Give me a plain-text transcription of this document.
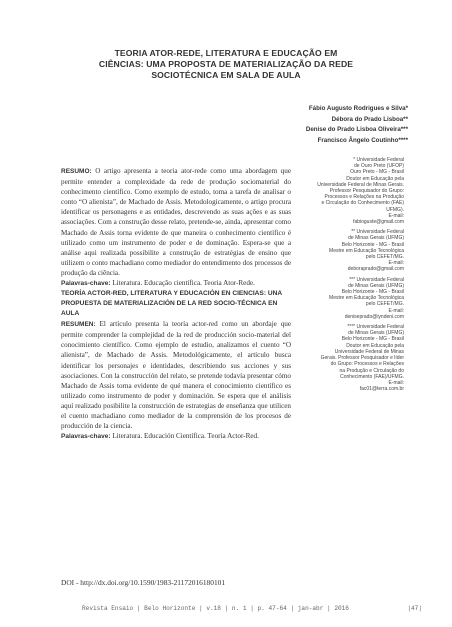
TEORIA ATOR-REDE, LITERATURA E EDUCAÇÃO EM
CIÊNCIAS: UMA PROPOSTA DE MATERIALIZAÇÃO DA REDE
SOCIOTÉCNICA EM SALA DE AULA
Fábio Augusto Rodrigues e Silva*
Débora do Prado Lisboa**
Denise do Prado Lisboa Oliveira***
Francisco Ângelo Coutinho****

RESUMO: O artigo apresenta a teoria ator-rede como uma abordagem que permite entender a complexidade da rede de produção sociomaterial do conhecimento científico. Como exemplo de estudo, toma a tarefa de analisar o conto “O alienista”, de Machado de Assis. Metodologicamente, o artigo procura identificar os personagens e as entidades, descrevendo as suas ações e as suas associações. Com a construção desse relato, pretende-se, ainda, apresentar como Machado de Assis torna evidente de que maneira o conhecimento científico é utilizado como um instrumento de poder e de dominação. Espera-se que a análise aqui realizada possibilite a construção de estratégias de ensino que utilizem o conto machadiano como mediador do entendimento dos processos de produção da ciência.

Palavras-chave: Literatura. Educação científica. Teoria Ator-Rede.

TEORÍA ACTOR-RED, LITERATURA Y EDUCACIÓN EN CIENCIAS: UNA PROPUESTA DE MATERIALIZACIÓN DE LA RED SOCIO-TÉCNICA EN AULA

RESUMEN: El artículo presenta la teoría actor-red como un abordaje que permite comprender la complejidad de la red de producción socio-material del conocimiento científico. Como ejemplo de estudio, analizamos el cuento “O alienista”, de Machado de Assis. Metodológicamente, el artículo busca identificar los personajes e identidades, describiendo sus acciones y sus asociaciones. Con la construcción del relato, se pretende todavía presentar cómo Machado de Assis torna evidente de qué manera el conocimiento científico es utilizado como instrumento de poder y dominación. Se espera que el análisis aquí realizado posibilite la construcción de estrategias de enseñanza que utilicen el cuento machadiano como mediador de la comprensión de los procesos de producción de la ciencia.

Palavras-chave: Literatura. Educación Científica. Teoría Actor-Red.

* Universidade Federal
de Ouro Preto (UFOP)
Ouro Preto - MG - Brasil
Doutor em Educação pela
Universidade Federal de Minas Gerais.
Professor Pesquisador do Grupo:
Processos e Relações na Produção
e Circulação do Conhecimento (FAE)
UFMG).
E-mail:
fabioguste@gmail.com
** Universidade Federal
de Minas Gerais (UFMG)
Belo Horizonte - MG - Brasil
Mestre em Educação Tecnológica
pelo CEFET/MG.
E-mail:
deboraprado@gmail.com
*** Universidade Federal
de Minas Gerais (UFMG)
Belo Horizonte - MG - Brasil
Mestre em Educação Tecnológica
pelo CEFET/MG.
E-mail:
deniseprado@iyndeni.com
**** Universidade Federal
de Minas Gerais (UFMG)
Belo Horizonte - MG - Brasil
Doutor em Educação pela
Universidade Federal de Minas
Gerais. Professor Pesquisador e líder
do Grupo: Processos e Relações
na Produção e Circulação do
Conhecimento (FAE)/UFMG.
E-mail:
fac01@terra.com.br
DOI - http://dx.doi.org/10.1590/1983-21172016180101
Revista Ensaio | Belo Horizonte | v.18 | n. 1 | p. 47-64 | jan-abr | 2016	|47|
